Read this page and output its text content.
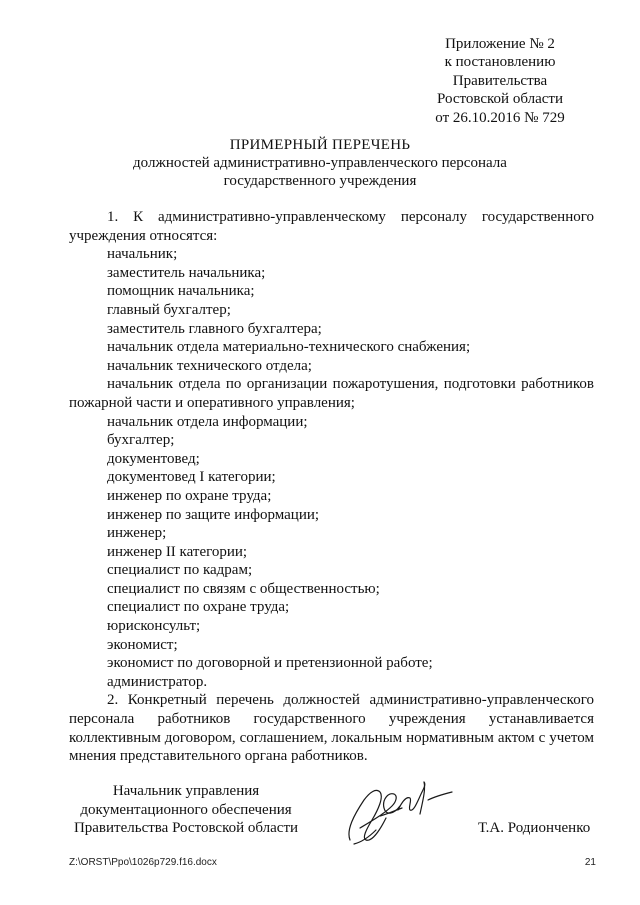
Приложение № 2
к постановлению
Правительства
Ростовской области
от 26.10.2016 № 729
ПРИМЕРНЫЙ ПЕРЕЧЕНЬ
должностей административно-управленческого персонала
государственного учреждения
1. К административно-управленческому персоналу государственного учреждения относятся:
начальник;
заместитель начальника;
помощник начальника;
главный бухгалтер;
заместитель главного бухгалтера;
начальник отдела материально-технического снабжения;
начальник технического отдела;
начальник отдела по организации пожаротушения, подготовки работников пожарной части и оперативного управления;
начальник отдела информации;
бухгалтер;
документовед;
документовед I категории;
инженер по охране труда;
инженер по защите информации;
инженер;
инженер II категории;
специалист по кадрам;
специалист по связям с общественностью;
специалист по охране труда;
юрисконсульт;
экономист;
экономист по договорной и претензионной работе;
администратор.
2. Конкретный перечень должностей административно-управленческого персонала работников государственного учреждения устанавливается коллективным договором, соглашением, локальным нормативным актом с учетом мнения представительного органа работников.
Начальник управления
документационного обеспечения
Правительства Ростовской области	Т.А. Родионченко
Z:\ORST\Ppo\1026p729.f16.docx	21
